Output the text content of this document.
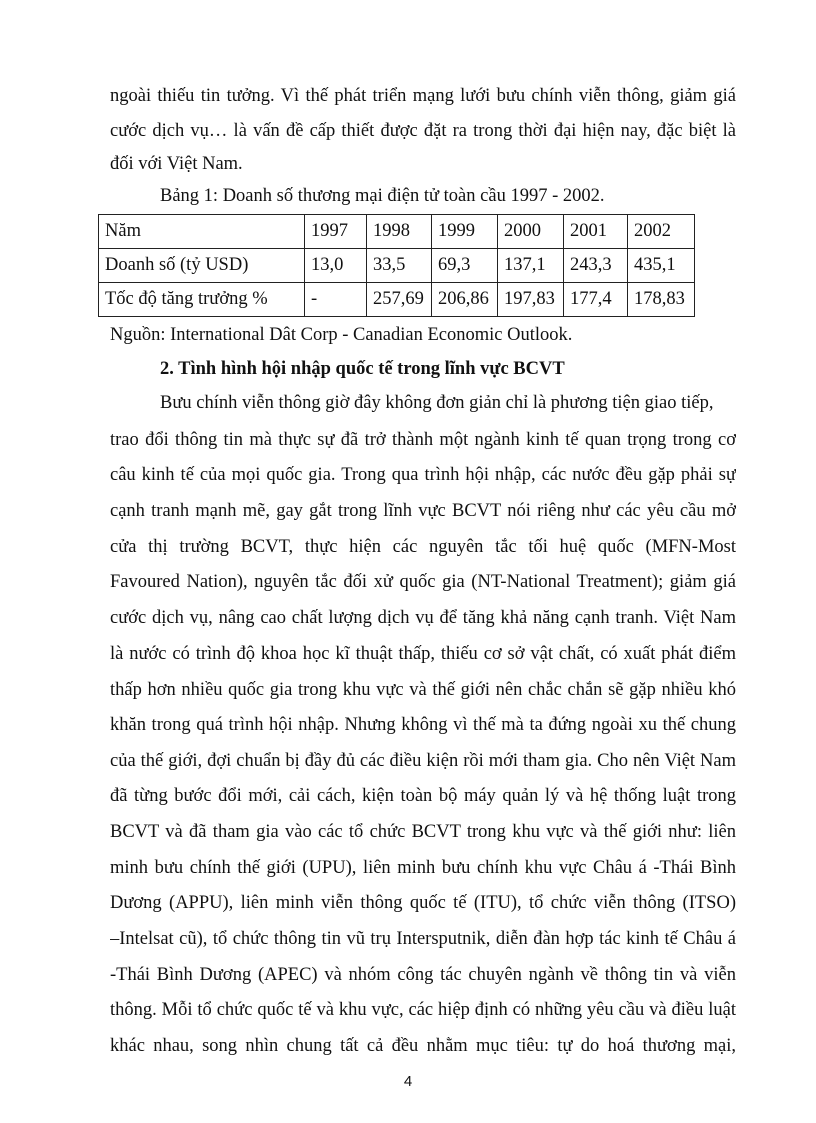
ngoài thiếu tin tưởng. Vì thế phát triển mạng lưới bưu chính viễn thông, giảm giá
cước dịch vụ… là vấn đề cấp thiết được đặt ra trong thời đại hiện nay, đặc biệt là
đối với Việt Nam.
Bảng 1: Doanh số thương mại điện tử toàn cầu 1997 - 2002.
Năm	1997	1998	1999	2000	2001	2002
Doanh số (tỷ USD)	13,0	33,5	69,3	137,1	243,3	435,1
Tốc độ tăng trưởng %	-	257,69	206,86	197,83	177,4	178,83
Nguồn: International Dât Corp - Canadian Economic Outlook.
2. Tình hình hội nhập quốc tế trong lĩnh vực BCVT
Bưu chính viễn thông giờ đây không đơn giản chỉ là phương tiện giao tiếp,
trao đổi thông tin mà thực sự đã trở thành một ngành kinh tế quan trọng trong cơ
câu kinh tế của mọi quốc gia. Trong qua trình hội nhập, các nước đều gặp phải sự
cạnh tranh mạnh mẽ, gay gắt trong lĩnh vực BCVT nói riêng như các yêu cầu mở
cửa thị trường BCVT, thực hiện các nguyên tắc tối huệ quốc (MFN-Most
Favoured Nation), nguyên tắc đối xử quốc gia (NT-National Treatment); giảm giá
cước dịch vụ, nâng cao chất lượng dịch vụ để tăng khả năng cạnh tranh. Việt Nam
là nước có trình độ khoa học kĩ thuật thấp, thiếu cơ sở vật chất, có xuất phát điểm
thấp hơn nhiều quốc gia trong khu vực và thế giới nên chắc chắn sẽ gặp nhiều khó
khăn trong quá trình hội nhập. Nhưng không vì thế mà ta đứng ngoài xu thế chung
của thế giới, đợi chuẩn bị đầy đủ các điều kiện rồi mới tham gia. Cho nên Việt Nam
đã từng bước đổi mới, cải cách, kiện toàn bộ máy quản lý và hệ thống luật trong
BCVT và đã tham gia vào các tổ chức BCVT trong khu vực và thế giới như: liên
minh bưu chính thế giới (UPU), liên minh bưu chính khu vực Châu á -Thái Bình
Dương (APPU), liên minh viễn thông quốc tế (ITU), tổ chức viễn thông (ITSO)
–Intelsat cũ), tổ chức thông tin vũ trụ Intersputnik, diễn đàn hợp tác kinh tế Châu á
-Thái Bình Dương (APEC) và nhóm công tác chuyên ngành về thông tin và viễn
thông. Mỗi tổ chức quốc tế và khu vực, các hiệp định có những yêu cầu và điều luật
khác nhau, song nhìn chung tất cả đều nhằm mục tiêu: tự do hoá thương mại,
4
